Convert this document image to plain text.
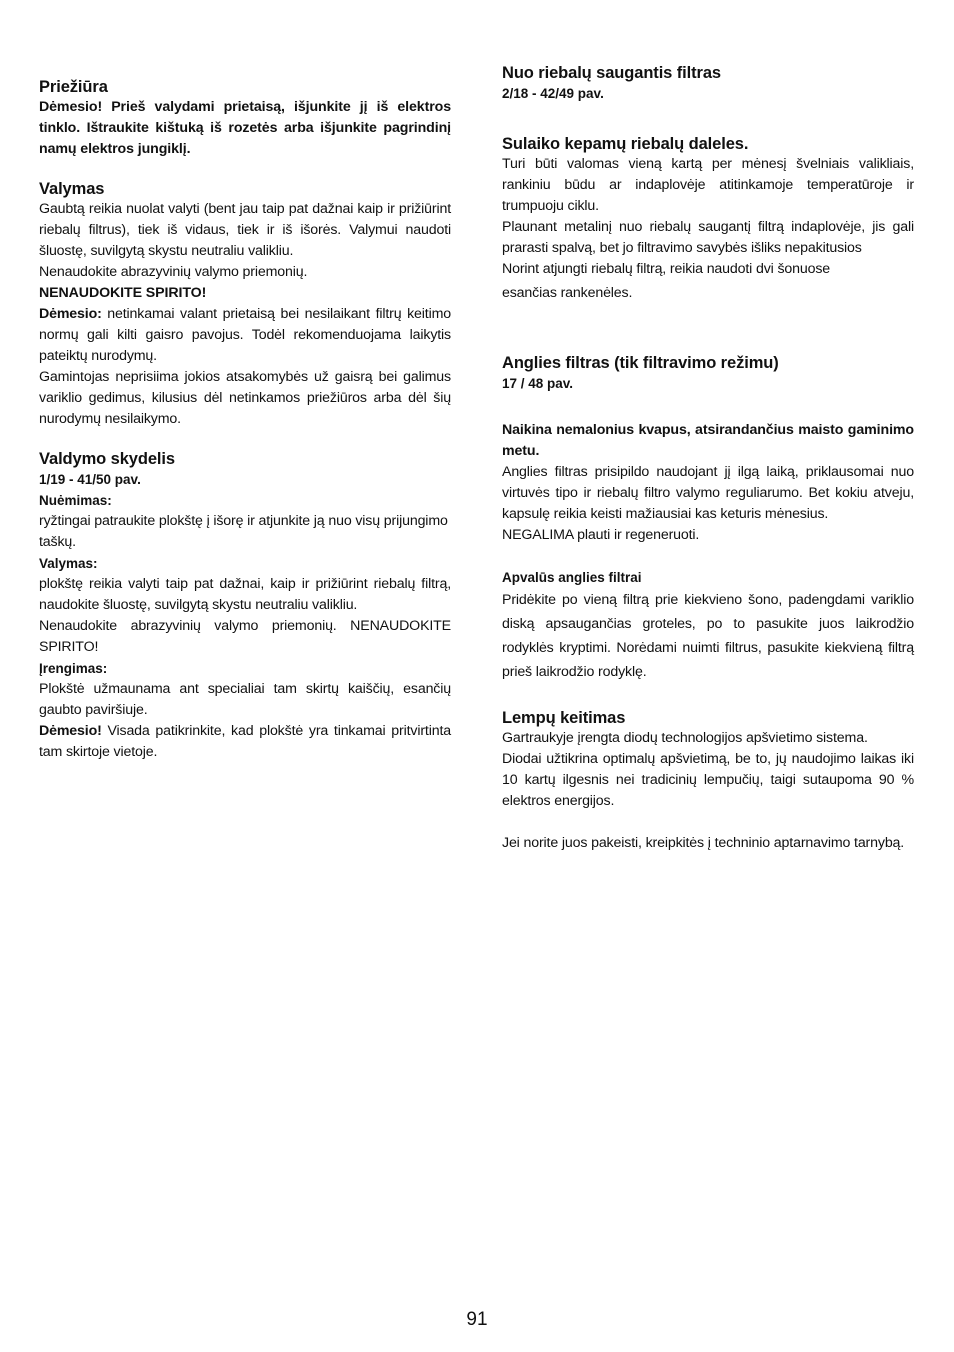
Priežiūra

Dėmesio! Prieš valydami prietaisą, išjunkite jį iš elektros tinklo. Ištraukite kištuką iš rozetės arba išjunkite pagrindinį namų elektros jungiklį.

Valymas

Gaubtą reikia nuolat valyti (bent jau taip pat dažnai kaip ir prižiūrint riebalų filtrus), tiek iš vidaus, tiek ir iš išorės. Valymui naudoti šluostę, suvilgytą skystu neutraliu valikliu.

Nenaudokite abrazyvinių valymo priemonių.

NENAUDOKITE SPIRITO!

Dėmesio: netinkamai valant prietaisą bei nesilaikant filtrų keitimo normų gali kilti gaisro pavojus. Todėl rekomenduojama laikytis pateiktų nurodymų.

Gamintojas neprisiima jokios atsakomybės už gaisrą bei galimus variklio gedimus, kilusius dėl netinkamos priežiūros arba dėl šių nurodymų nesilaikymo.

Valdymo skydelis
1/19 - 41/50 pav.
Nuėmimas:

ryžtingai patraukite plokštę į išorę ir atjunkite ją nuo visų prijungimo taškų.

Valymas:

plokštę reikia valyti taip pat dažnai, kaip ir prižiūrint riebalų filtrą, naudokite šluostę, suvilgytą skystu neutraliu valikliu.

Nenaudokite abrazyvinių valymo priemonių. NENAUDOKITE SPIRITO!

Įrengimas:

Plokštė užmaunama ant specialiai tam skirtų kaiščių, esančių gaubto paviršiuje.

Dėmesio! Visada patikrinkite, kad plokštė yra tinkamai pritvirtinta tam skirtoje vietoje.

Nuo riebalų saugantis filtras
2/18 - 42/49 pav.
Sulaiko kepamų riebalų daleles.

Turi būti valomas vieną kartą per mėnesį švelniais valikliais, rankiniu būdu ar indaplovėje atitinkamoje temperatūroje ir trumpuoju ciklu.

Plaunant metalinį nuo riebalų saugantį filtrą indaplovėje, jis gali prarasti spalvą, bet jo filtravimo savybės išliks nepakitusios

Norint atjungti riebalų filtrą, reikia naudoti dvi šonuose

esančias rankenėles.

Anglies filtras (tik filtravimo režimu)
17 / 48 pav.

Naikina nemalonius kvapus, atsirandančius maisto gaminimo metu.

Anglies filtras prisipildo naudojant jį ilgą laiką, priklausomai nuo virtuvės tipo ir riebalų filtro valymo reguliarumo. Bet kokiu atveju, kapsulę reikia keisti mažiausiai kas keturis mėnesius.

NEGALIMA plauti ir regeneruoti.

Apvalūs anglies filtrai

Pridėkite po vieną filtrą prie kiekvieno šono, padengdami variklio diską apsaugančias groteles, po to pasukite juos laikrodžio rodyklės kryptimi. Norėdami nuimti filtrus, pasukite kiekvieną filtrą prieš laikrodžio rodyklę.

Lempų keitimas

Gartraukyje įrengta diodų technologijos apšvietimo sistema.

Diodai užtikrina optimalų apšvietimą, be to, jų naudojimo laikas iki 10 kartų ilgesnis nei tradicinių lempučių, taigi sutaupoma 90 % elektros energijos.

Jei norite juos pakeisti, kreipkitės į techninio aptarnavimo tarnybą.

91
